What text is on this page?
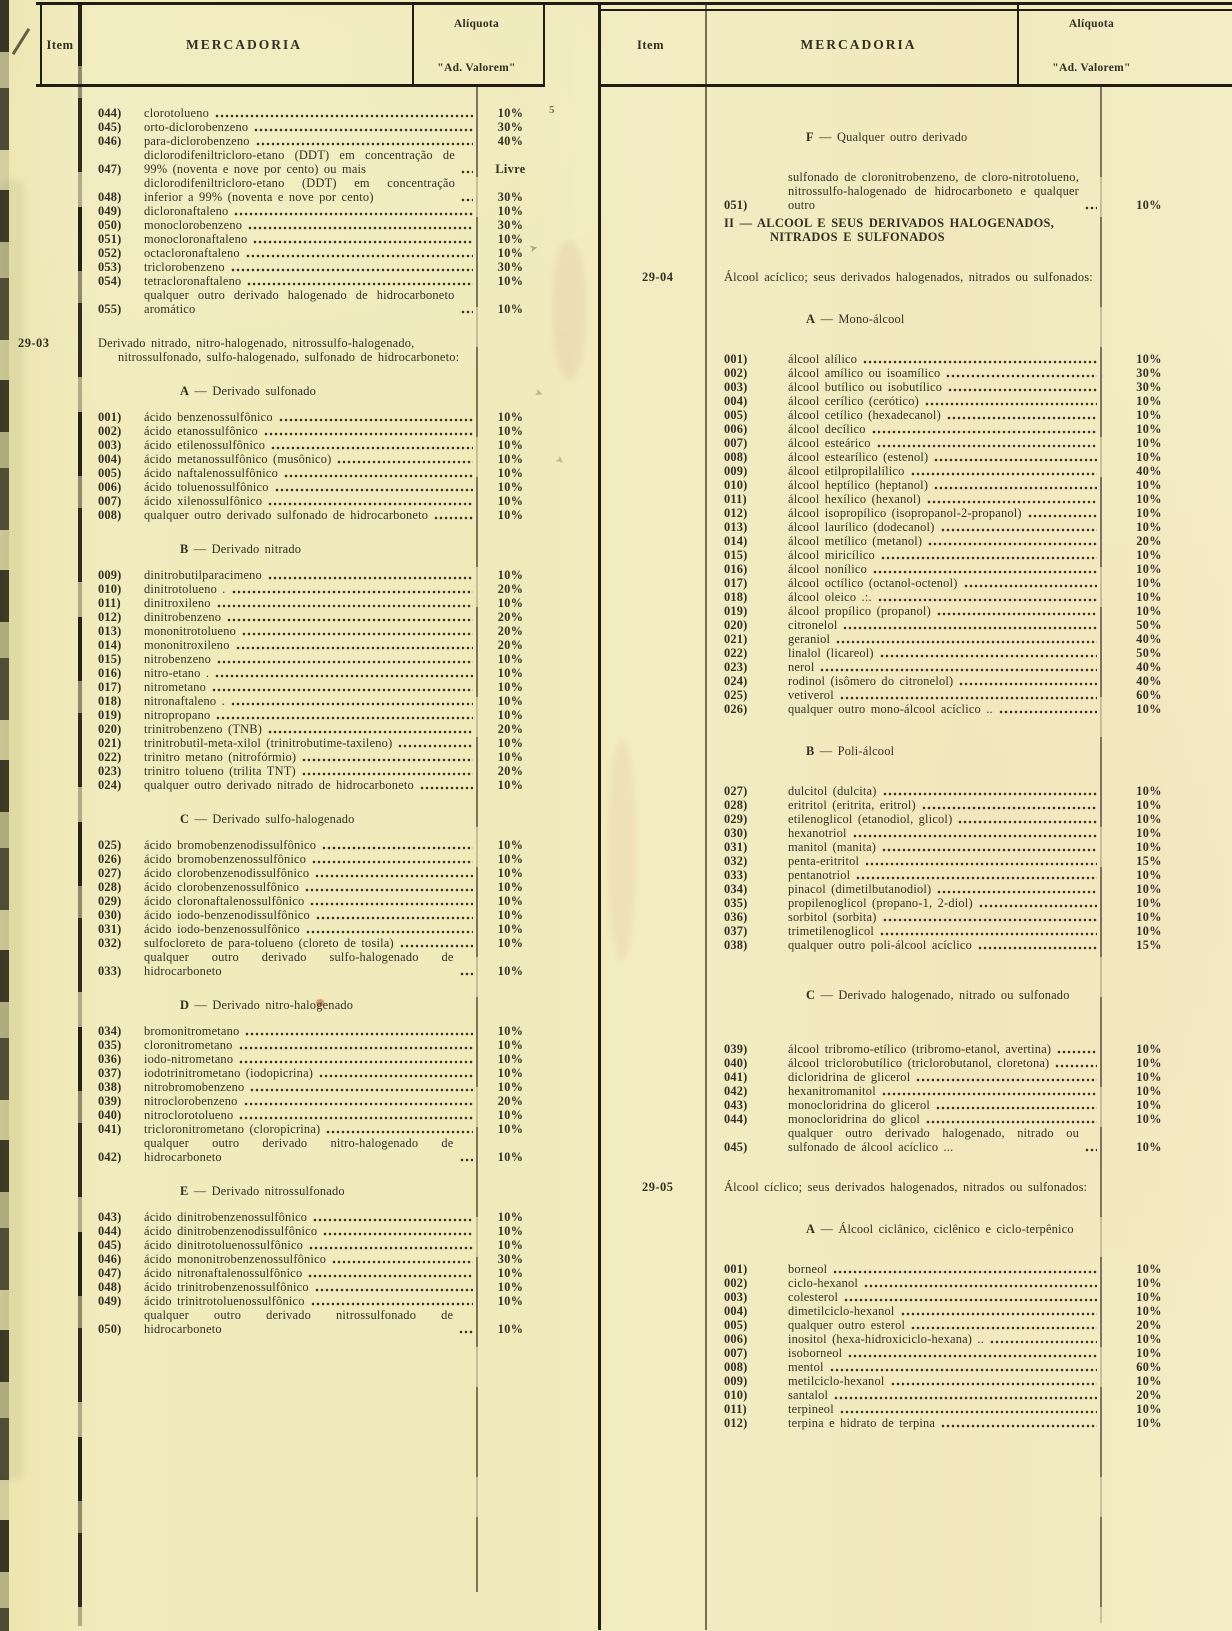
5
➤
➤
➤
Item	MERCADORIA
Alíquota
"Ad. Valorem"
Item	MERCADORIA
Alíquota
"Ad. Valorem"
044)	clorotolueno	10%
045)	orto-diclorobenzeno	30%
046)	para-diclorobenzeno	40%
047)
diclorodifeniltricloro-etano (DDT) em concentração de 99% (noventa e nove por cento) ou mais	Livre
048)
diclorodifeniltricloro-etano (DDT) em concentração inferior a 99% (noventa e nove por cento)	30%
049)	dicloronaftaleno	10%
050)	monoclorobenzeno	30%
051)	monocloronaftaleno	10%
052)	octacloronaftaleno	10%
053)	triclorobenzeno	30%
054)	tetracloronaftaleno	10%
055)
qualquer outro derivado halogenado de hidrocarboneto aromático	10%
29-03	Derivado nitrado, nitro-halogenado, nitrossulfo-halogenado, nitrossulfonado, sulfo-halogenado, sulfonado de hidrocarboneto:
A — Derivado sulfonado
001)	ácido benzenossulfônico	10%
002)	ácido etanossulfônico	10%
003)	ácido etilenossulfônico	10%
004)	ácido metanossulfônico (musônico)	10%
005)	ácido naftalenossulfônico	10%
006)	ácido toluenossulfônico	10%
007)	ácido xilenossulfônico	10%
008)	qualquer outro derivado sulfonado de hidrocarboneto	10%
B — Derivado nitrado
009)	dinitrobutilparacimeno	10%
010)	dinitrotolueno .	20%
011)	dinitroxileno	10%
012)	dinitrobenzeno	20%
013)	mononitrotolueno	20%
014)	mononitroxileno	20%
015)	nitrobenzeno	10%
016)	nitro-etano .	10%
017)	nitrometano	10%
018)	nitronaftaleno .	10%
019)	nitropropano	10%
020)	trinitrobenzeno (TNB)	20%
021)	trinitrobutil-meta-xilol (trinitrobutime-taxileno)	10%
022)	trinitro metano (nitrofórmio)	10%
023)	trinitro tolueno (trilita TNT)	20%
024)	qualquer outro derivado nitrado de hidrocarboneto	10%
C — Derivado sulfo-halogenado
025)	ácido bromobenzenodissulfônico	10%
026)	ácido bromobenzenossulfônico	10%
027)	ácido clorobenzenodissulfônico	10%
028)	ácido clorobenzenossulfônico	10%
029)	ácido cloronaftalenossulfônico	10%
030)	ácido iodo-benzenodissulfônico	10%
031)	ácido iodo-benzenossulfônico	10%
032)	sulfocloreto de para-tolueno (cloreto de tosila)	10%
033)
qualquer outro derivado sulfo-halogenado de hidrocarboneto	10%
D — Derivado nitro-halogenado
034)	bromonitrometano	10%
035)	cloronitrometano	10%
036)	iodo-nitrometano	10%
037)	iodotrinitrometano (iodopicrina)	10%
038)	nitrobromobenzeno	10%
039)	nitroclorobenzeno	20%
040)	nitroclorotolueno	10%
041)	tricloronitrometano (cloropicrina)	10%
042)
qualquer outro derivado nitro-halogenado de hidrocarboneto	10%
E — Derivado nitrossulfonado
043)	ácido dinitrobenzenossulfônico	10%
044)	ácido dinitrobenzenodissulfônico	10%
045)	ácido dinitrotoluenossulfônico	10%
046)	ácido mononitrobenzenossulfônico	30%
047)	ácido nitronaftalenossulfônico	10%
048)	ácido trinitrobenzenossulfônico	10%
049)	ácido trinitrotoluenossulfônico	10%
050)
qualquer outro derivado nitrossulfonado de hidrocarboneto	10%
F — Qualquer outro derivado
051)
sulfonado de cloronitrobenzeno, de cloro-nitrotolueno, nitrossulfo-halogenado de hidrocarboneto e qualquer outro	10%
II — ALCOOL E SEUS DERIVADOS HALOGENADOS, NITRADOS E SULFONADOS
29-04	Álcool acíclico; seus derivados halogenados, nitrados ou sulfonados:
A — Mono-álcool
001)	álcool alílico	10%
002)	álcool amílico ou isoamílico	30%
003)	álcool butílico ou isobutílico	30%
004)	álcool cerílico (cerótico)	10%
005)	álcool cetílico (hexadecanol)	10%
006)	álcool decílico	10%
007)	álcool esteárico	10%
008)	álcool estearílico (estenol)	10%
009)	álcool etilpropilalílico	40%
010)	álcool heptílico (heptanol)	10%
011)	álcool hexílico (hexanol)	10%
012)	álcool isopropílico (isopropanol-2-propanol)	10%
013)	álcool laurílico (dodecanol)	10%
014)	álcool metílico (metanol)	20%
015)	álcool miricílico	10%
016)	álcool nonílico	10%
017)	álcool octílico (octanol-octenol)	10%
018)	álcool oleico .:.	10%
019)	álcool propílico (propanol)	10%
020)	citronelol	50%
021)	geraniol	40%
022)	linalol (licareol)	50%
023)	nerol	40%
024)	rodinol (isômero do citronelol)	40%
025)	vetiverol	60%
026)	qualquer outro mono-álcool acíclico ..	10%
B — Poli-álcool
027)	dulcitol (dulcita)	10%
028)	eritritol (eritrita, eritrol)	10%
029)	etilenoglicol (etanodiol, glicol)	10%
030)	hexanotriol	10%
031)	manitol (manita)	10%
032)	penta-eritritol	15%
033)	pentanotriol	10%
034)	pinacol (dimetilbutanodiol)	10%
035)	propilenoglicol (propano-1, 2-diol)	10%
036)	sorbitol (sorbita)	10%
037)	trimetilenoglicol	10%
038)	qualquer outro poli-álcool acíclico	15%
C — Derivado halogenado, nitrado ou sulfonado
039)	álcool tribromo-etílico (tribromo-etanol, avertina)	10%
040)	álcool triclorobutílico (triclorobutanol, cloretona)	10%
041)	dicloridrina de glicerol	10%
042)	hexanitromanitol	10%
043)	monocloridrina do glicerol	10%
044)	monocloridrina do glicol	10%
045)
qualquer outro derivado halogenado, nitrado ou sulfonado de álcool acíclico ...	10%
29-05	Álcool cíclico; seus derivados halogenados, nitrados ou sulfonados:
A — Álcool ciclânico, ciclênico e ciclo-terpênico
001)	borneol	10%
002)	ciclo-hexanol	10%
003)	colesterol	10%
004)	dimetilciclo-hexanol	10%
005)	qualquer outro esterol	20%
006)	inositol (hexa-hidroxiciclo-hexana) ..	10%
007)	isoborneol	10%
008)	mentol	60%
009)	metilciclo-hexanol	10%
010)	santalol	20%
011)	terpineol	10%
012)	terpina e hidrato de terpina	10%
